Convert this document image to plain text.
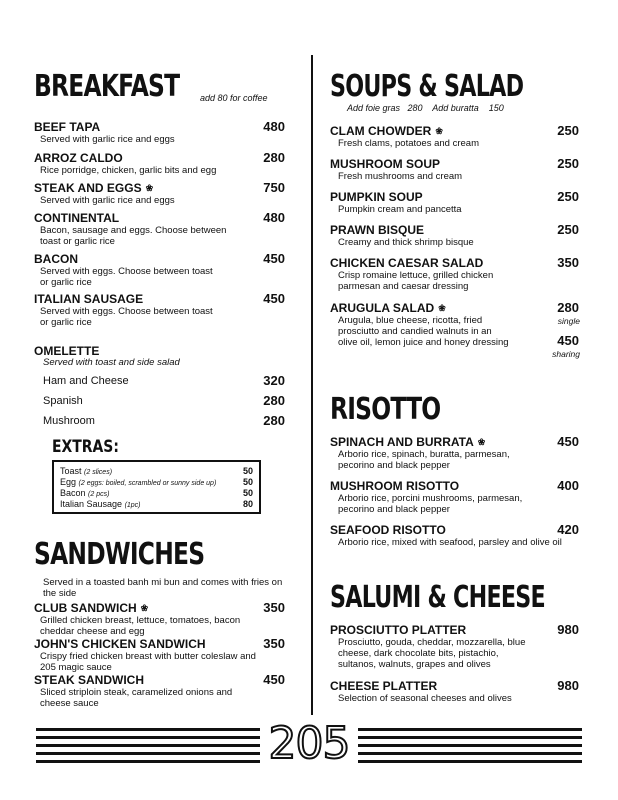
BREAKFAST add 80 for coffee
BEEF TAPA
Served with garlic rice and eggs
480
ARROZ CALDO
Rice porridge, chicken, garlic bits and egg
280
STEAK AND EGGS ❀
Served with garlic rice and eggs
750
CONTINENTAL
Bacon, sausage and eggs. Choose between toast or garlic rice
480
BACON
Served with eggs. Choose between toast or garlic rice
450
ITALIAN SAUSAGE
Served with eggs. Choose between toast or garlic rice
450
OMELETTE
Served with toast and side salad
Ham and Cheese	320
Spanish	280
Mushroom	280
EXTRAS:
Toast (2 slices)	50
Egg (2 eggs: boiled, scrambled or sunny side up)	50
Bacon (2 pcs)	50
Italian Sausage (1pc)	80
SANDWICHES
Served in a toasted banh mi bun and comes with fries on the side
CLUB SANDWICH ❀
Grilled chicken breast, lettuce, tomatoes, bacon cheddar cheese and egg
350
JOHN'S CHICKEN SANDWICH
Crispy fried chicken breast with butter coleslaw and 205 magic sauce
350
STEAK SANDWICH
Sliced striploin steak, caramelized onions and cheese sauce
450
SOUPS & SALAD
Add foie gras   280    Add buratta    150
CLAM CHOWDER ❀
Fresh clams, potatoes and cream
250
MUSHROOM SOUP
Fresh mushrooms and cream
250
PUMPKIN SOUP
Pumpkin cream and pancetta
250
PRAWN BISQUE
Creamy and thick shrimp bisque
250
CHICKEN CAESAR SALAD
Crisp romaine lettuce, grilled chicken parmesan and caesar dressing
350
ARUGULA SALAD ❀
Arugula, blue cheese, ricotta, fried prosciutto and candied walnuts in an olive oil, lemon juice and honey dressing
280
single
450
sharing
RISOTTO
SPINACH AND BURRATA ❀
Arborio rice, spinach, buratta, parmesan, pecorino and black pepper
450
MUSHROOM RISOTTO
Arborio rice, porcini mushrooms, parmesan, pecorino and black pepper
400
SEAFOOD RISOTTO
Arborio rice, mixed with seafood, parsley and olive oil
420
SALUMI & CHEESE
PROSCIUTTO PLATTER
Prosciutto, gouda, cheddar, mozzarella, blue cheese, dark chocolate bits, pistachio, sultanos, walnuts, grapes and olives
980
CHEESE PLATTER
Selection of seasonal cheeses and olives
980
205
